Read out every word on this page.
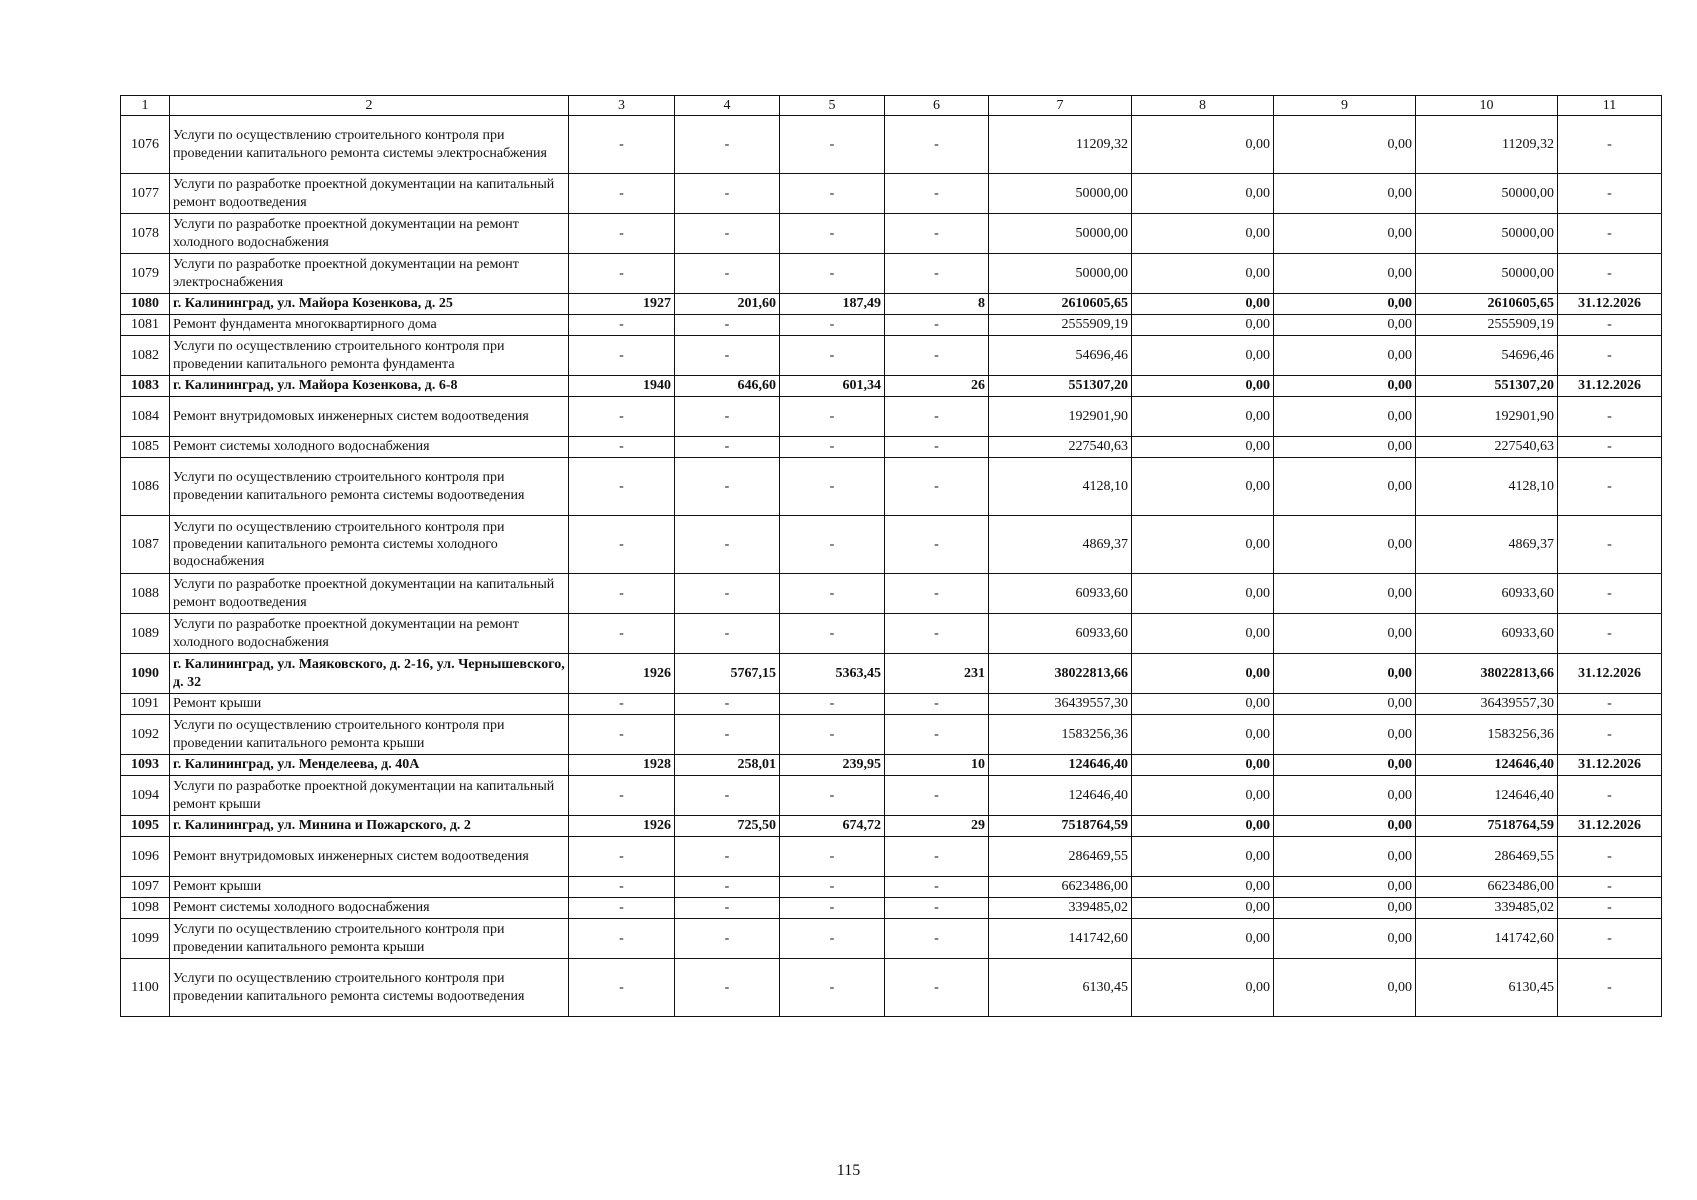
1	2	3	4	5	6	7	8	9	10	11
1076	Услуги по осуществлению строительного контроля при проведении капитального ремонта системы электроснабжения	-	-	-	-	11209,32	0,00	0,00	11209,32	-
1077	Услуги по разработке проектной документации на капитальный ремонт водоотведения	-	-	-	-	50000,00	0,00	0,00	50000,00	-
1078	Услуги по разработке проектной документации на ремонт холодного водоснабжения	-	-	-	-	50000,00	0,00	0,00	50000,00	-
1079	Услуги по разработке проектной документации на ремонт электроснабжения	-	-	-	-	50000,00	0,00	0,00	50000,00	-
1080	г. Калининград, ул. Майора Козенкова, д. 25	1927	201,60	187,49	8	2610605,65	0,00	0,00	2610605,65	31.12.2026
1081	Ремонт фундамента многоквартирного дома	-	-	-	-	2555909,19	0,00	0,00	2555909,19	-
1082	Услуги по осуществлению строительного контроля при проведении капитального ремонта фундамента	-	-	-	-	54696,46	0,00	0,00	54696,46	-
1083	г. Калининград, ул. Майора Козенкова, д. 6-8	1940	646,60	601,34	26	551307,20	0,00	0,00	551307,20	31.12.2026
1084	Ремонт внутридомовых инженерных систем водоотведения	-	-	-	-	192901,90	0,00	0,00	192901,90	-
1085	Ремонт системы холодного водоснабжения	-	-	-	-	227540,63	0,00	0,00	227540,63	-
1086	Услуги по осуществлению строительного контроля при проведении капитального ремонта системы водоотведения	-	-	-	-	4128,10	0,00	0,00	4128,10	-
1087	Услуги по осуществлению строительного контроля при проведении капитального ремонта системы холодного водоснабжения	-	-	-	-	4869,37	0,00	0,00	4869,37	-
1088	Услуги по разработке проектной документации на капитальный ремонт водоотведения	-	-	-	-	60933,60	0,00	0,00	60933,60	-
1089	Услуги по разработке проектной документации на ремонт холодного водоснабжения	-	-	-	-	60933,60	0,00	0,00	60933,60	-
1090	г. Калининград, ул. Маяковского, д. 2-16, ул. Чернышевского, д. 32	1926	5767,15	5363,45	231	38022813,66	0,00	0,00	38022813,66	31.12.2026
1091	Ремонт крыши	-	-	-	-	36439557,30	0,00	0,00	36439557,30	-
1092	Услуги по осуществлению строительного контроля при проведении капитального ремонта крыши	-	-	-	-	1583256,36	0,00	0,00	1583256,36	-
1093	г. Калининград, ул. Менделеева, д. 40А	1928	258,01	239,95	10	124646,40	0,00	0,00	124646,40	31.12.2026
1094	Услуги по разработке проектной документации на капитальный ремонт крыши	-	-	-	-	124646,40	0,00	0,00	124646,40	-
1095	г. Калининград, ул. Минина и Пожарского, д. 2	1926	725,50	674,72	29	7518764,59	0,00	0,00	7518764,59	31.12.2026
1096	Ремонт внутридомовых инженерных систем водоотведения	-	-	-	-	286469,55	0,00	0,00	286469,55	-
1097	Ремонт крыши	-	-	-	-	6623486,00	0,00	0,00	6623486,00	-
1098	Ремонт системы холодного водоснабжения	-	-	-	-	339485,02	0,00	0,00	339485,02	-
1099	Услуги по осуществлению строительного контроля при проведении капитального ремонта крыши	-	-	-	-	141742,60	0,00	0,00	141742,60	-
1100	Услуги по осуществлению строительного контроля при проведении капитального ремонта системы водоотведения	-	-	-	-	6130,45	0,00	0,00	6130,45	-
115
